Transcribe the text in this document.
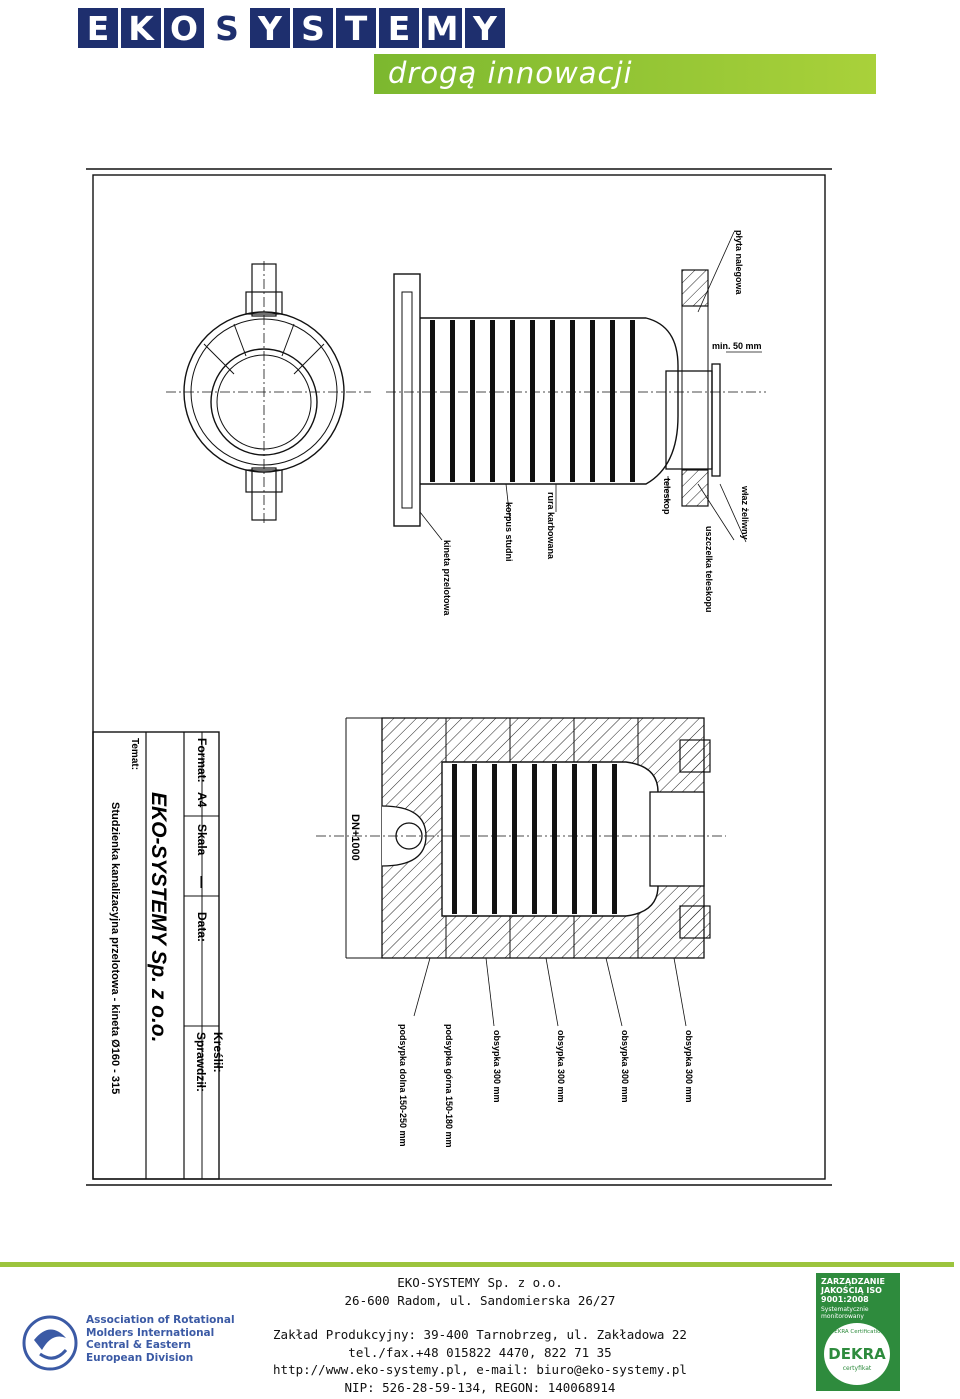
E K O S Y S T E M Y
drogą innowacji
płyta nalegowa
min. 50 mm
właz żeliwny
uszczelka teleskopu
teleskop
rura karbowana
korpus studni
kineta przelotowa
DN+1000
podsypka dolna 150-250 mm	podsypka górna 150-180 mm	obsypka 300 mm	obsypka 300 mm	obsypka 300 mm	obsypka 300 mm
Format:
A4
Skala
—
Data:
Kreślił:
Sprawdził:
EKO-SYSTEMY Sp. z o.o.
Temat:
Studzienka kanalizacyjna przelotowa - kineta Ø160 - 315
Association of Rotational
Molders International
Central & Eastern
European Division
EKO-SYSTEMY Sp. z o.o.
26-600 Radom, ul. Sandomierska 26/27
Zakład Produkcyjny: 39-400 Tarnobrzeg, ul. Zakładowa 22
tel./fax.+48 015822 4470, 822 71 35
http://www.eko-systemy.pl, e-mail: biuro@eko-systemy.pl
NIP: 526-28-59-134, REGON: 140068914
ZARZĄDZANIE JAKOŚCIĄ ISO 9001:2008
Systematycznie monitorowany
DEKRA Certification
DEKRA
certyfikat
